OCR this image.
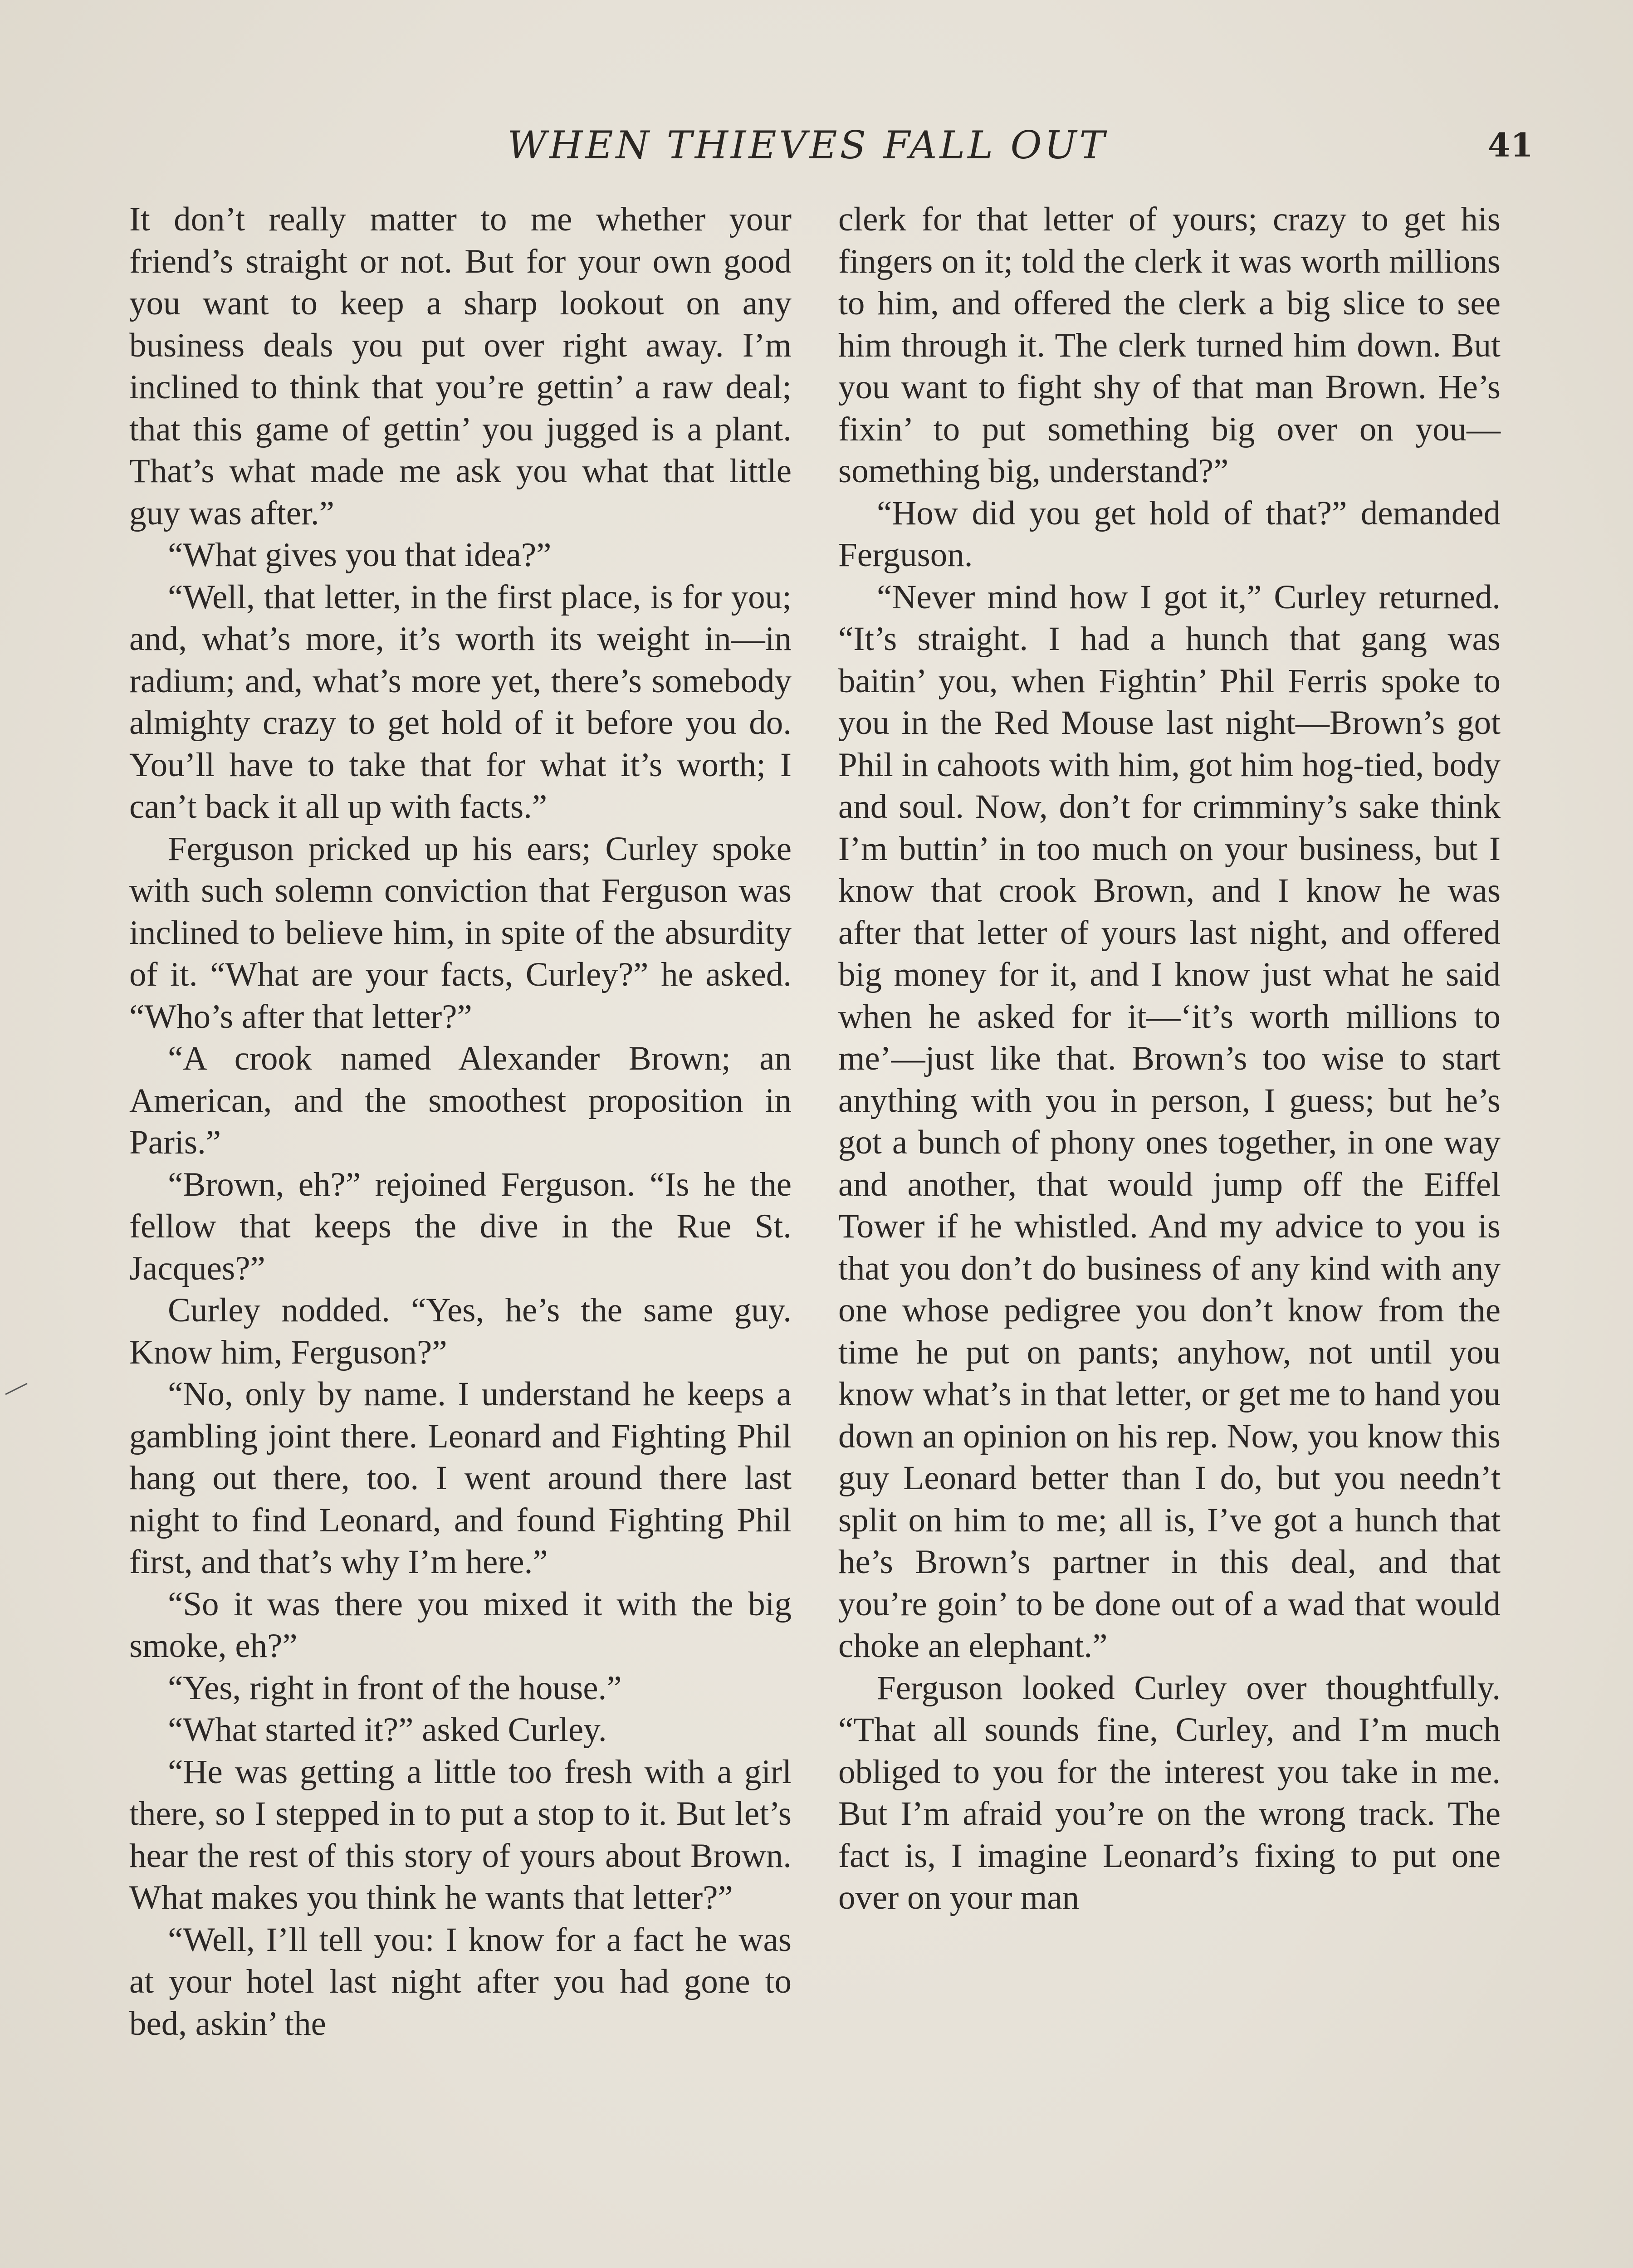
WHEN THIEVES FALL OUT	41

It don’t really matter to me whether your friend’s straight or not. But for your own good you want to keep a sharp lookout on any business deals you put over right away. I’m inclined to think that you’re gettin’ a raw deal; that this game of gettin’ you jugged is a plant. That’s what made me ask you what that little guy was after.”

“What gives you that idea?”

“Well, that letter, in the first place, is for you; and, what’s more, it’s worth its weight in—in radium; and, what’s more yet, there’s somebody almighty crazy to get hold of it before you do. You’ll have to take that for what it’s worth; I can’t back it all up with facts.”

Ferguson pricked up his ears; Curley spoke with such solemn conviction that Ferguson was inclined to believe him, in spite of the absurdity of it. “What are your facts, Curley?” he asked. “Who’s after that letter?”

“A crook named Alexander Brown; an American, and the smoothest proposition in Paris.”

“Brown, eh?” rejoined Ferguson. “Is he the fellow that keeps the dive in the Rue St. Jacques?”

Curley nodded. “Yes, he’s the same guy. Know him, Ferguson?”

“No, only by name. I understand he keeps a gambling joint there. Leonard and Fighting Phil hang out there, too. I went around there last night to find Leonard, and found Fighting Phil first, and that’s why I’m here.”

“So it was there you mixed it with the big smoke, eh?”

“Yes, right in front of the house.”

“What started it?” asked Curley.

“He was getting a little too fresh with a girl there, so I stepped in to put a stop to it. But let’s hear the rest of this story of yours about Brown. What makes you think he wants that letter?”

“Well, I’ll tell you: I know for a fact he was at your hotel last night after you had gone to bed, askin’ the

clerk for that letter of yours; crazy to get his fingers on it; told the clerk it was worth millions to him, and offered the clerk a big slice to see him through it. The clerk turned him down. But you want to fight shy of that man Brown. He’s fixin’ to put something big over on you—something big, understand?”

“How did you get hold of that?” demanded Ferguson.

“Never mind how I got it,” Curley returned. “It’s straight. I had a hunch that gang was baitin’ you, when Fightin’ Phil Ferris spoke to you in the Red Mouse last night—Brown’s got Phil in cahoots with him, got him hog-tied, body and soul. Now, don’t for crimminy’s sake think I’m buttin’ in too much on your business, but I know that crook Brown, and I know he was after that letter of yours last night, and offered big money for it, and I know just what he said when he asked for it—‘it’s worth millions to me’—just like that. Brown’s too wise to start anything with you in person, I guess; but he’s got a bunch of phony ones together, in one way and another, that would jump off the Eiffel Tower if he whistled. And my advice to you is that you don’t do business of any kind with any one whose pedigree you don’t know from the time he put on pants; anyhow, not until you know what’s in that letter, or get me to hand you down an opinion on his rep. Now, you know this guy Leonard better than I do, but you needn’t split on him to me; all is, I’ve got a hunch that he’s Brown’s partner in this deal, and that you’re goin’ to be done out of a wad that would choke an elephant.”

Ferguson looked Curley over thoughtfully. “That all sounds fine, Curley, and I’m much obliged to you for the interest you take in me. But I’m afraid you’re on the wrong track. The fact is, I imagine Leonard’s fixing to put one over on your man
